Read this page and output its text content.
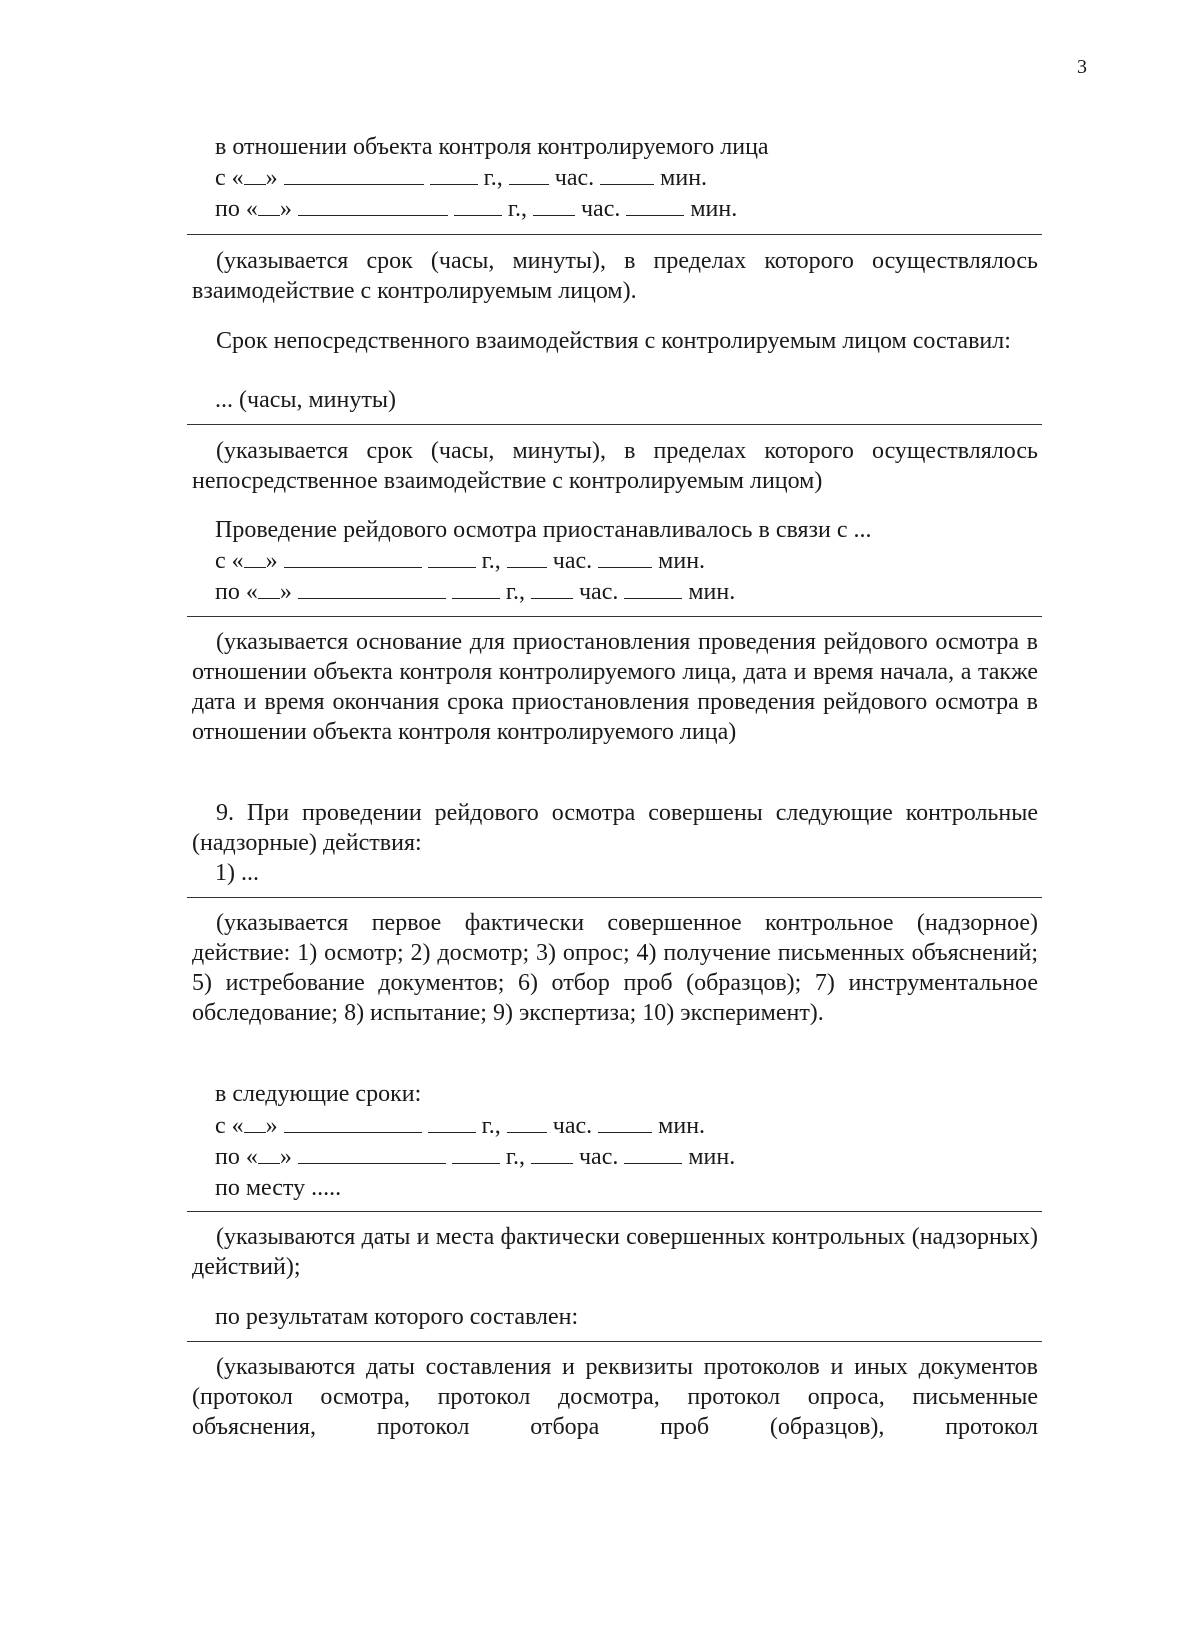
3
в отношении объекта контроля контролируемого лица
с « »	г., час.	мин.
по « »	г., час.	мин.
(указывается срок (часы, минуты), в пределах которого осуществлялось взаимодействие с контролируемым лицом).
Срок непосредственного взаимодействия с контролируемым лицом составил:
... (часы, минуты)
(указывается срок (часы, минуты), в пределах которого осуществлялось непосредственное взаимодействие с контролируемым лицом)
Проведение рейдового осмотра приостанавливалось в связи с ...
с « »	г., час.	мин.
по « »	г., час.	мин.
(указывается основание для приостановления проведения рейдового осмотра в отношении объекта контроля контролируемого лица, дата и время начала, а также дата и время окончания срока приостановления проведения рейдового осмотра в отношении объекта контроля контролируемого лица)
9. При проведении рейдового осмотра совершены следующие контрольные (надзорные) действия:
1) ...
(указывается первое фактически совершенное контрольное (надзорное) действие: 1) осмотр; 2) досмотр; 3) опрос; 4) получение письменных объяснений; 5) истребование документов; 6) отбор проб (образцов); 7) инструментальное обследование; 8) испытание; 9) экспертиза; 10) эксперимент).
в следующие сроки:
с « »	г., час.	мин.
по « »	г., час.	мин.
по месту .....
(указываются даты и места фактически совершенных контрольных (надзорных) действий);
по результатам которого составлен:
(указываются даты составления и реквизиты протоколов и иных документов (протокол осмотра, протокол досмотра, протокол опроса, письменные объяснения, протокол отбора проб (образцов), протокол
